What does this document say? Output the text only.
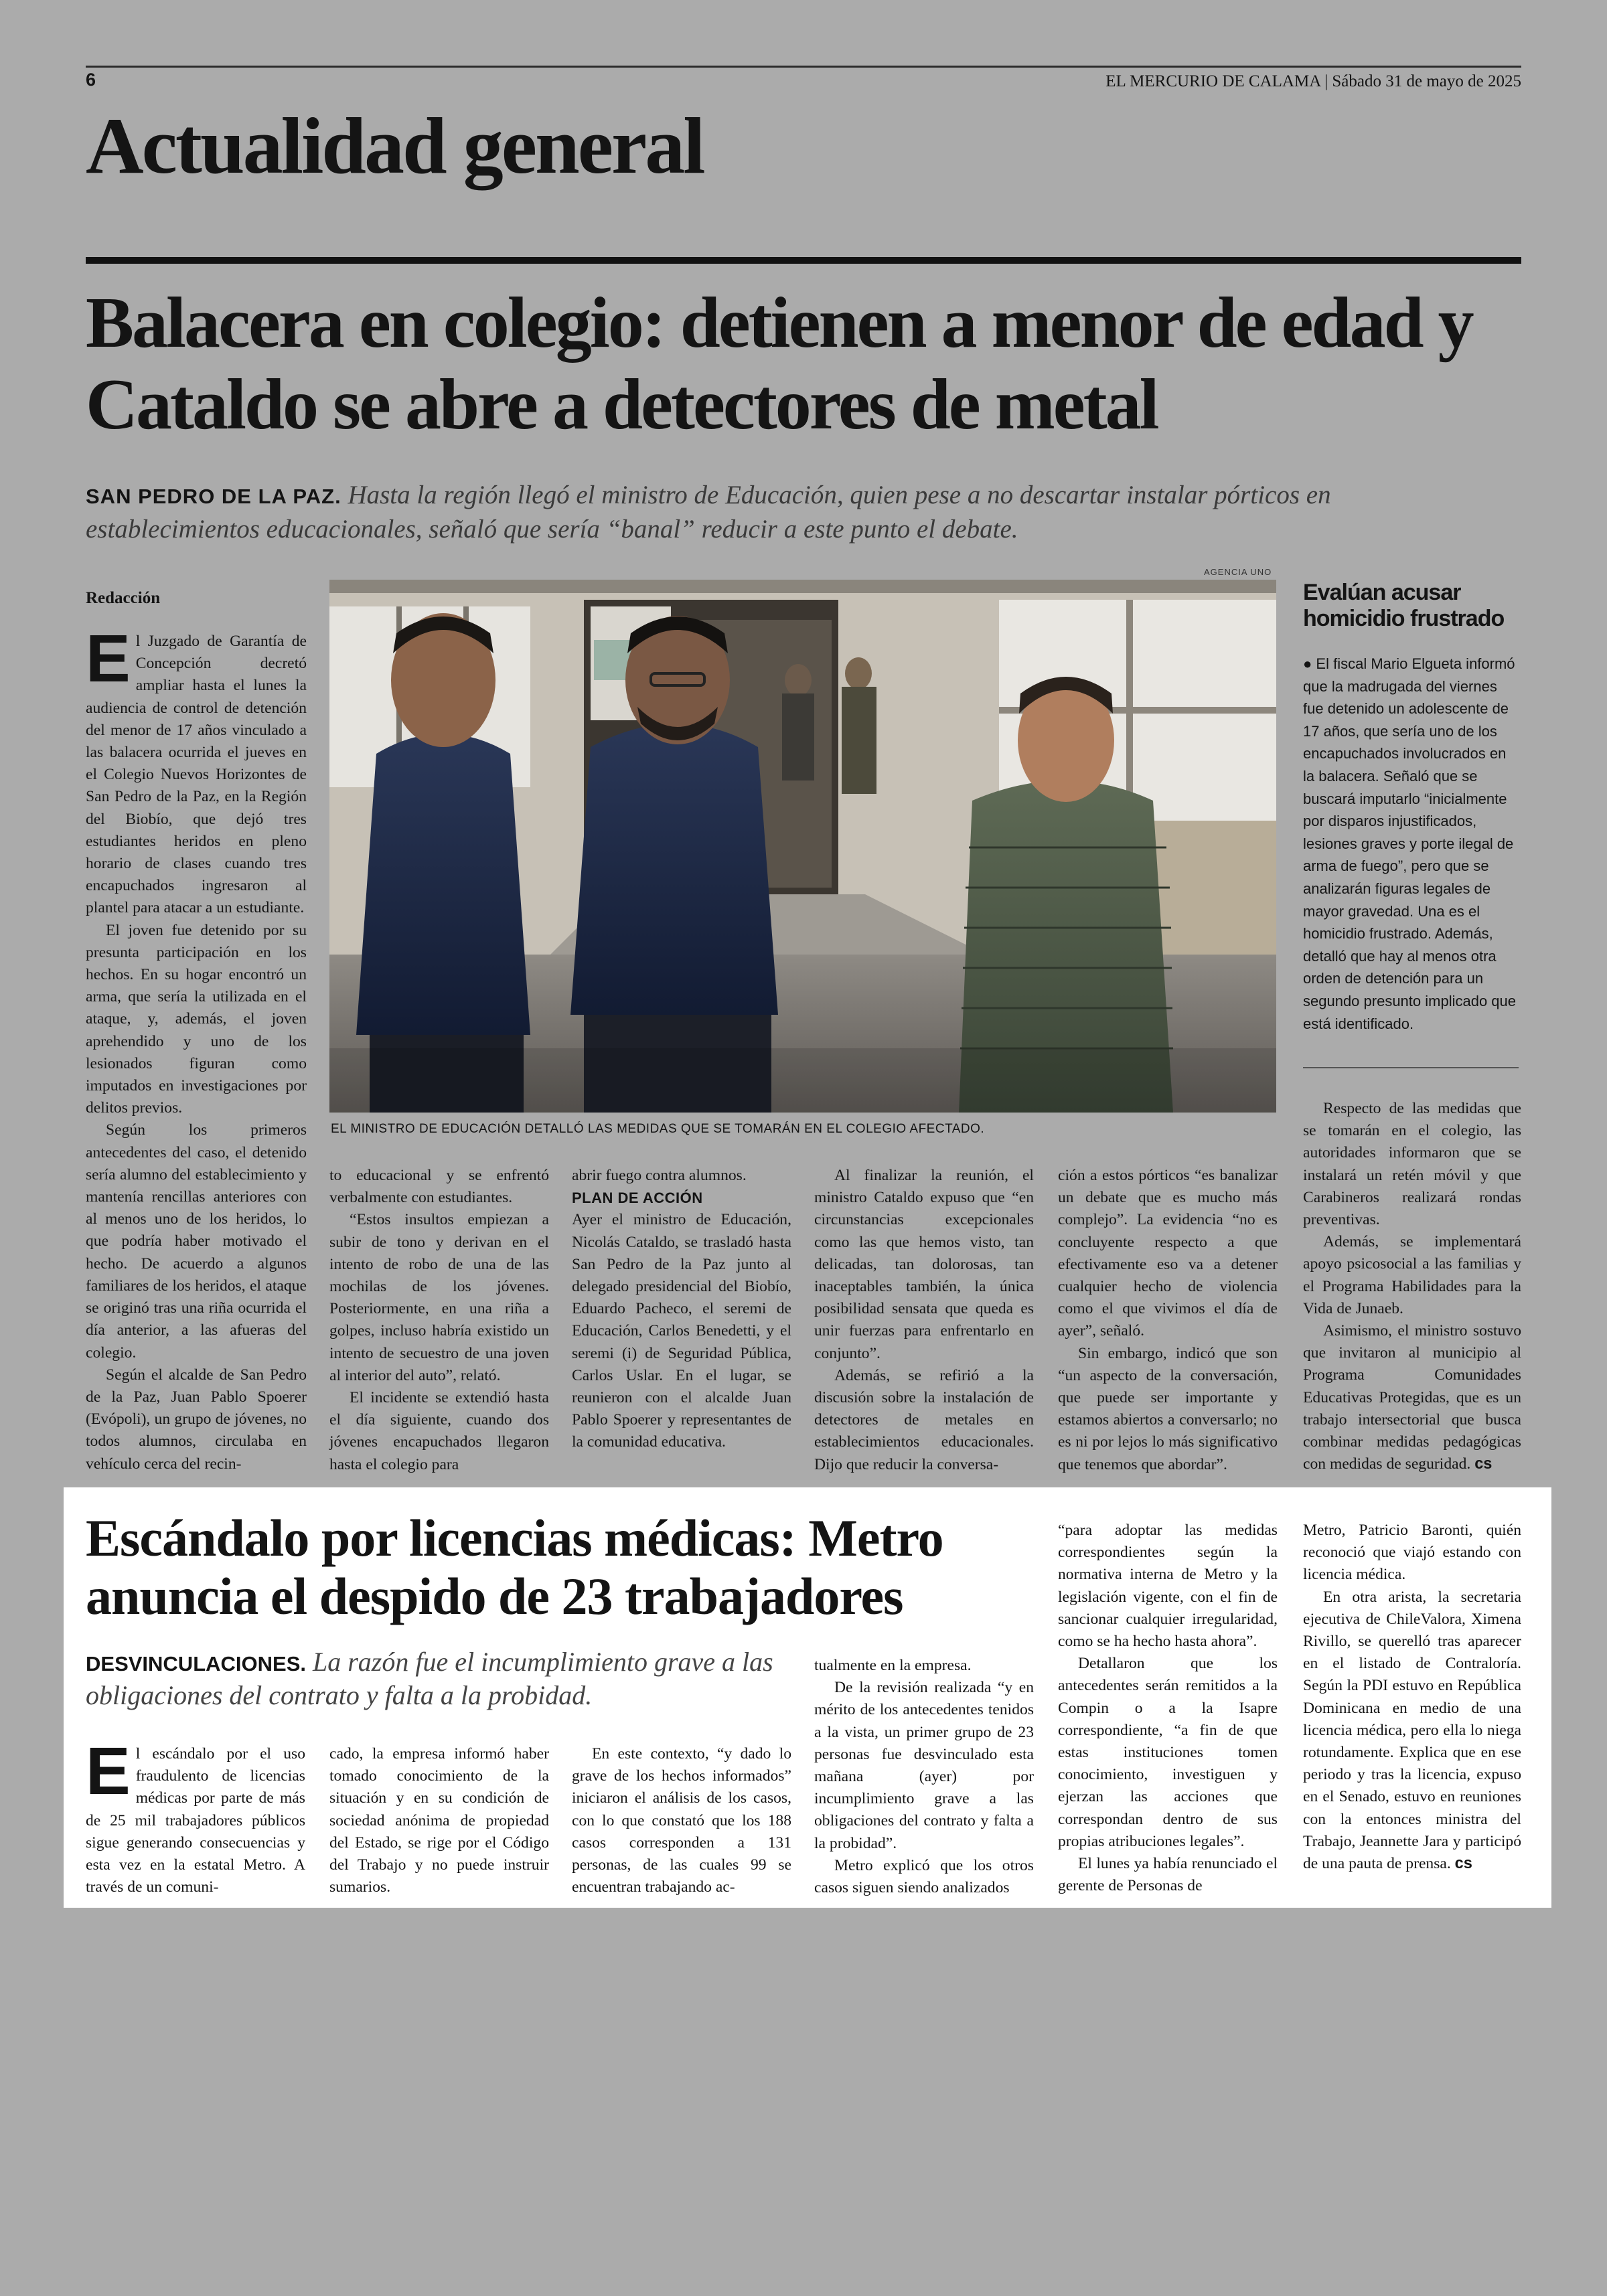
6	EL MERCURIO DE CALAMA | Sábado 31 de mayo de 2025
Actualidad general
Balacera en colegio: detienen a menor de edad y Cataldo se abre a detectores de metal
SAN PEDRO DE LA PAZ. Hasta la región llegó el ministro de Educación, quien pese a no descartar instalar pórticos en establecimientos educacionales, señaló que sería “banal” reducir a este punto el debate.
Redacción
AGENCIA UNO
EL MINISTRO DE EDUCACIÓN DETALLÓ LAS MEDIDAS QUE SE TOMARÁN EN EL COLEGIO AFECTADO.
Evalúan acusar homicidio frustrado
● El fiscal Mario Elgueta informó que la madrugada del viernes fue detenido un adolescente de 17 años, que sería uno de los encapuchados involucrados en la balacera. Señaló que se buscará imputarlo “inicialmente por disparos injustificados, lesiones graves y porte ilegal de arma de fuego”, pero que se analizarán figuras legales de mayor gravedad. Una es el homicidio frustrado. Además, detalló que hay al menos otra orden de detención para un segundo presunto implicado que está identificado.

El Juzgado de Garantía de Concepción decretó ampliar hasta el lunes la audiencia de control de detención del menor de 17 años vinculado a las balacera ocurrida el jueves en el Colegio Nuevos Horizontes de San Pedro de la Paz, en la Región del Biobío, que dejó tres estudiantes heridos en pleno horario de clases cuando tres encapuchados ingresaron al plantel para atacar a un estudiante.

El joven fue detenido por su presunta participación en los hechos. En su hogar encontró un arma, que sería la utilizada en el ataque, y, además, el joven aprehendido y uno de los lesionados figuran como imputados en investigaciones por delitos previos.

Según los primeros antecedentes del caso, el detenido sería alumno del establecimiento y mantenía rencillas anteriores con al menos uno de los heridos, lo que podría haber motivado el hecho. De acuerdo a algunos familiares de los heridos, el ataque se originó tras una riña ocurrida el día anterior, a las afueras del colegio.

Según el alcalde de San Pedro de la Paz, Juan Pablo Spoerer (Evópoli), un grupo de jóvenes, no todos alumnos, circulaba en vehículo cerca del recin-

to educacional y se enfrentó verbalmente con estudiantes.

“Estos insultos empiezan a subir de tono y derivan en el intento de robo de una de las mochilas de los jóvenes. Posteriormente, en una riña a golpes, incluso habría existido un intento de secuestro de una joven al interior del auto”, relató.

El incidente se extendió hasta el día siguiente, cuando dos jóvenes encapuchados llegaron hasta el colegio para

abrir fuego contra alumnos.

PLAN DE ACCIÓN

Ayer el ministro de Educación, Nicolás Cataldo, se trasladó hasta San Pedro de la Paz junto al delegado presidencial del Biobío, Eduardo Pacheco, el seremi de Educación, Carlos Benedetti, y el seremi (i) de Seguridad Pública, Carlos Uslar. En el lugar, se reunieron con el alcalde Juan Pablo Spoerer y representantes de la comunidad educativa.

Al finalizar la reunión, el ministro Cataldo expuso que “en circunstancias excepcionales como las que hemos visto, tan delicadas, tan dolorosas, tan inaceptables también, la única posibilidad sensata que queda es unir fuerzas para enfrentarlo en conjunto”.

Además, se refirió a la discusión sobre la instalación de detectores de metales en establecimientos educacionales. Dijo que reducir la conversa-

ción a estos pórticos “es banalizar un debate que es mucho más complejo”. La evidencia “no es concluyente respecto a que efectivamente eso va a detener cualquier hecho de violencia como el que vivimos el día de ayer”, señaló.

Sin embargo, indicó que son “un aspecto de la conversación, que puede ser importante y estamos abiertos a conversarlo; no es ni por lejos lo más significativo que tenemos que abordar”.

Respecto de las medidas que se tomarán en el colegio, las autoridades informaron que se instalará un retén móvil y que Carabineros realizará rondas preventivas.

Además, se implementará apoyo psicosocial a las familias y el Programa Habilidades para la Vida de Junaeb.

Asimismo, el ministro sostuvo que invitaron al municipio al Programa Comunidades Educativas Protegidas, que es un trabajo intersectorial que busca combinar medidas pedagógicas con medidas de seguridad. cs

Escándalo por licencias médicas: Metro anuncia el despido de 23 trabajadores
DESVINCULACIONES. La razón fue el incumplimiento grave a las obligaciones del contrato y falta a la probidad.

El escándalo por el uso fraudulento de licencias médicas por parte de más de 25 mil trabajadores públicos sigue generando consecuencias y esta vez en la estatal Metro. A través de un comuni-

cado, la empresa informó haber tomado conocimiento de la situación y en su condición de sociedad anónima de propiedad del Estado, se rige por el Código del Trabajo y no puede instruir sumarios.

En este contexto, “y dado lo grave de los hechos informados” iniciaron el análisis de los casos, con lo que constató que los 188 casos corresponden a 131 personas, de las cuales 99 se encuentran trabajando ac-

tualmente en la empresa.

De la revisión realizada “y en mérito de los antecedentes tenidos a la vista, un primer grupo de 23 personas fue desvinculado esta mañana (ayer) por incumplimiento grave a las obligaciones del contrato y falta a la probidad”.

Metro explicó que los otros casos siguen siendo analizados

“para adoptar las medidas correspondientes según la normativa interna de Metro y la legislación vigente, con el fin de sancionar cualquier irregularidad, como se ha hecho hasta ahora”.

Detallaron que los antecedentes serán remitidos a la Compin o a la Isapre correspondiente, “a fin de que estas instituciones tomen conocimiento, investiguen y ejerzan las acciones que correspondan dentro de sus propias atribuciones legales”.

El lunes ya había renunciado el gerente de Personas de

Metro, Patricio Baronti, quién reconoció que viajó estando con licencia médica.

En otra arista, la secretaria ejecutiva de ChileValora, Ximena Rivillo, se querelló tras aparecer en el listado de Contraloría. Según la PDI estuvo en República Dominicana en medio de una licencia médica, pero ella lo niega rotundamente. Explica que en ese periodo y tras la licencia, expuso en el Senado, estuvo en reuniones con la entonces ministra del Trabajo, Jeannette Jara y participó de una pauta de prensa. cs
